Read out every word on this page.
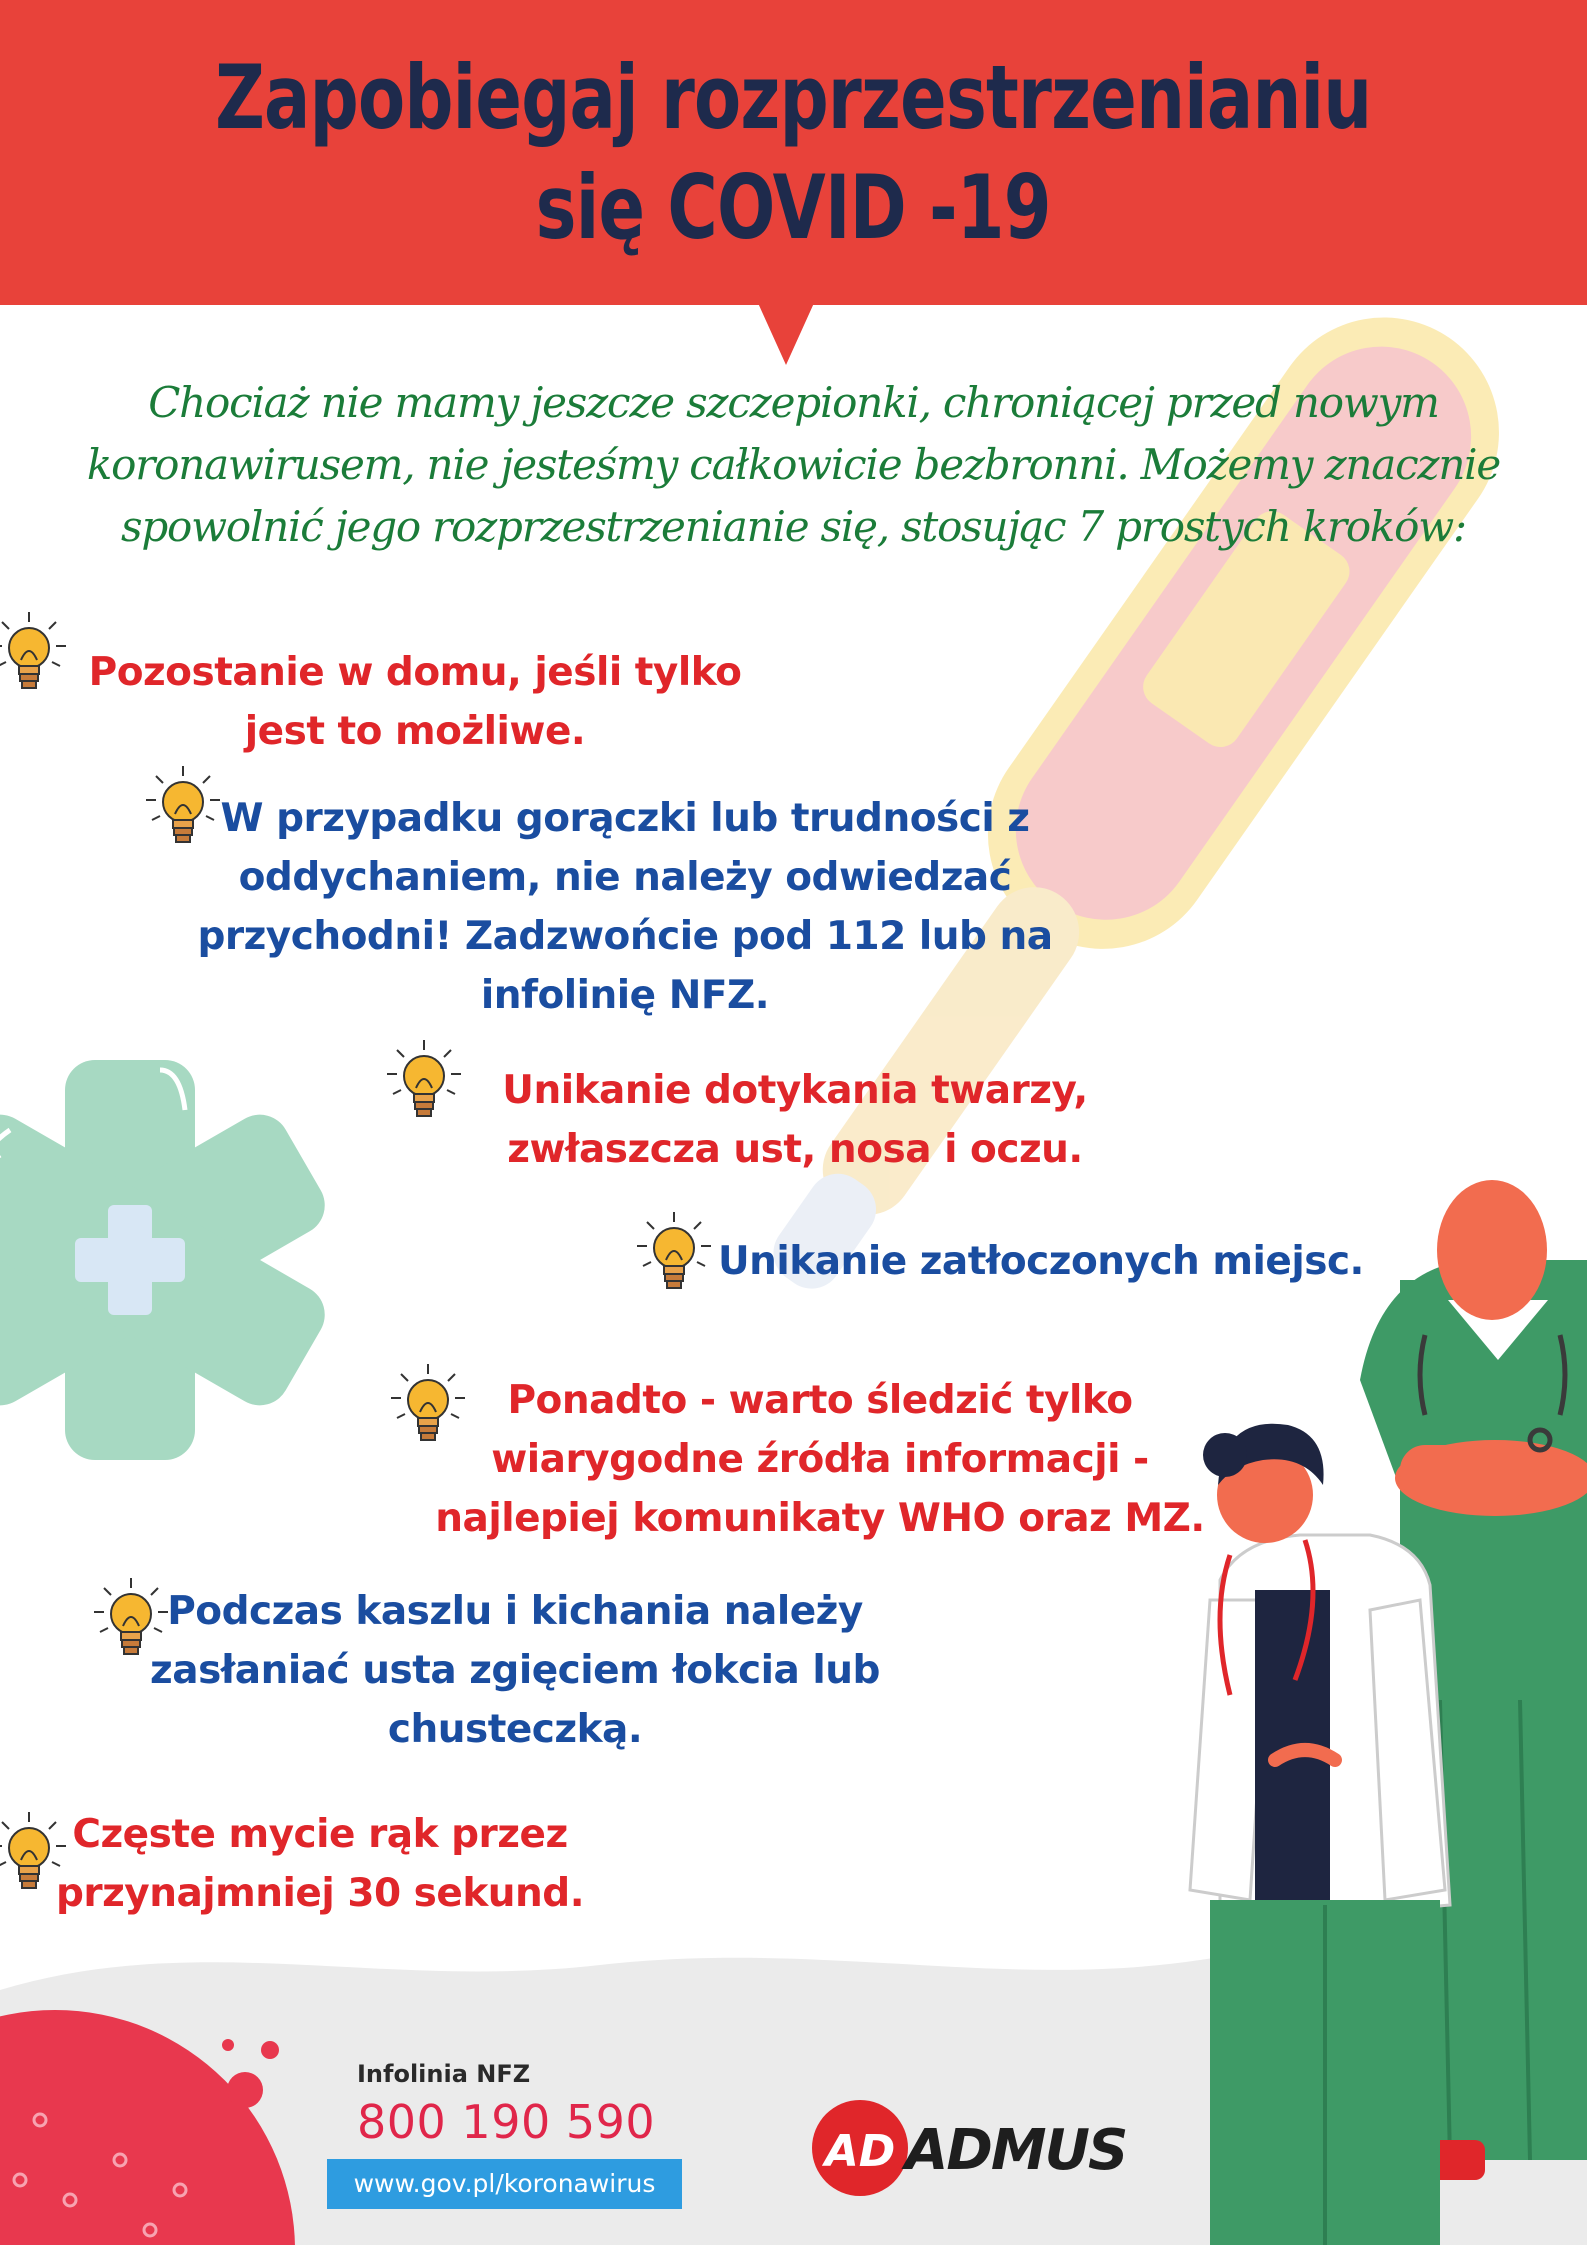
AD
Zapobiegaj rozprzestrzenianiu
się COVID -19
Chociaż nie mamy jeszcze szczepionki, chroniącej przed nowym
koronawirusem, nie jesteśmy całkowicie bezbronni. Możemy znacznie
spowolnić jego rozprzestrzenianie się, stosując 7 prostych kroków:
Pozostanie w domu, jeśli tylko
jest to możliwe.
W przypadku gorączki lub trudności z
oddychaniem, nie należy odwiedzać
przychodni! Zadzwońcie pod 112 lub na
infolinię NFZ.
Unikanie dotykania twarzy,
zwłaszcza ust, nosa i oczu.
Unikanie zatłoczonych miejsc.
Ponadto - warto śledzić tylko
wiarygodne źródła informacji -
najlepiej komunikaty WHO oraz MZ.
Podczas kaszlu i kichania należy
zasłaniać usta zgięciem łokcia lub
chusteczką.
Częste mycie rąk przez
przynajmniej 30 sekund.
Infolinia NFZ
800 190 590
www.gov.pl/koronawirus
ADMUS
